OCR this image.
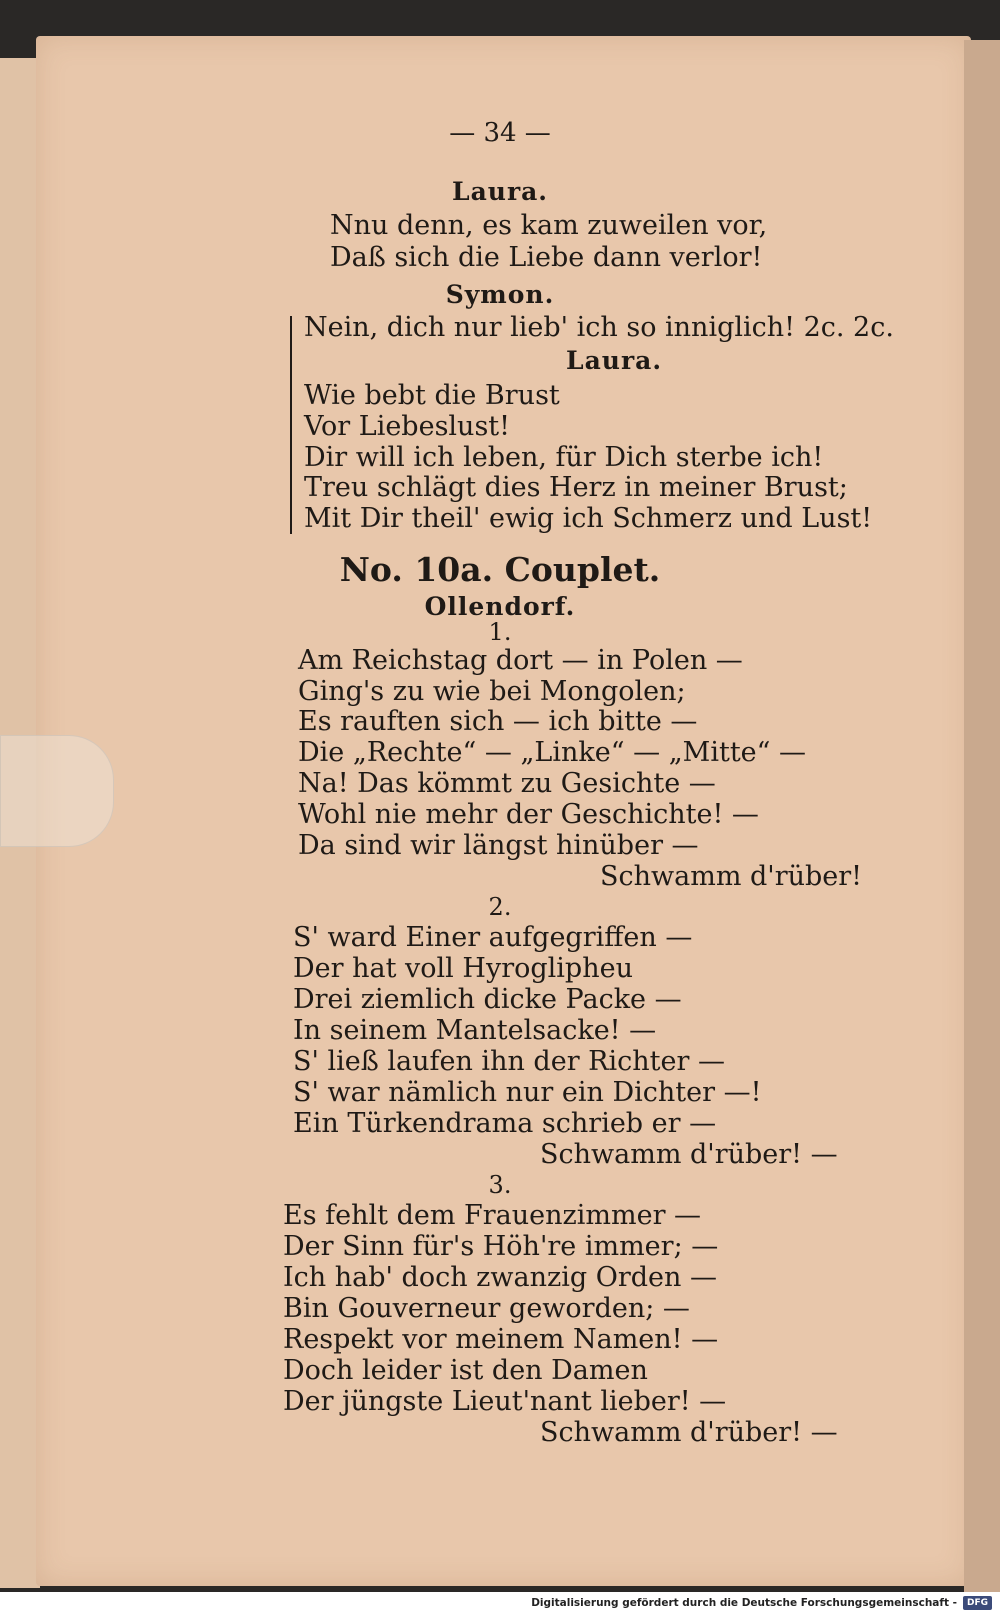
— 34 —
Laura.
Nnu denn, es kam zuweilen vor,
Daß sich die Liebe dann verlor!
Symon.
Nein, dich nur lieb' ich so inniglich! 2c. 2c.
Laura.
Wie bebt die Brust
Vor Liebeslust!
Dir will ich leben, für Dich sterbe ich!
Treu schlägt dies Herz in meiner Brust;
Mit Dir theil' ewig ich Schmerz und Lust!
No. 10a. Couplet.
Ollendorf.
1.
Am Reichstag dort — in Polen —
Ging's zu wie bei Mongolen;
Es rauften sich — ich bitte —
Die „Rechte“ — „Linke“ — „Mitte“ —
Na! Das kömmt zu Gesichte —
Wohl nie mehr der Geschichte! —
Da sind wir längst hinüber —
Schwamm d'rüber!
2.
S' ward Einer aufgegriffen —
Der hat voll Hyroglipheu
Drei ziemlich dicke Packe —
In seinem Mantelsacke! —
S' ließ laufen ihn der Richter —
S' war nämlich nur ein Dichter —!
Ein Türkendrama schrieb er —
Schwamm d'rüber! —
3.
Es fehlt dem Frauenzimmer —
Der Sinn für's Höh're immer; —
Ich hab' doch zwanzig Orden —
Bin Gouverneur geworden; —
Respekt vor meinem Namen! —
Doch leider ist den Damen
Der jüngste Lieut'nant lieber! —
Schwamm d'rüber! —
Digitalisierung gefördert durch die Deutsche Forschungsgemeinschaft - DFG
